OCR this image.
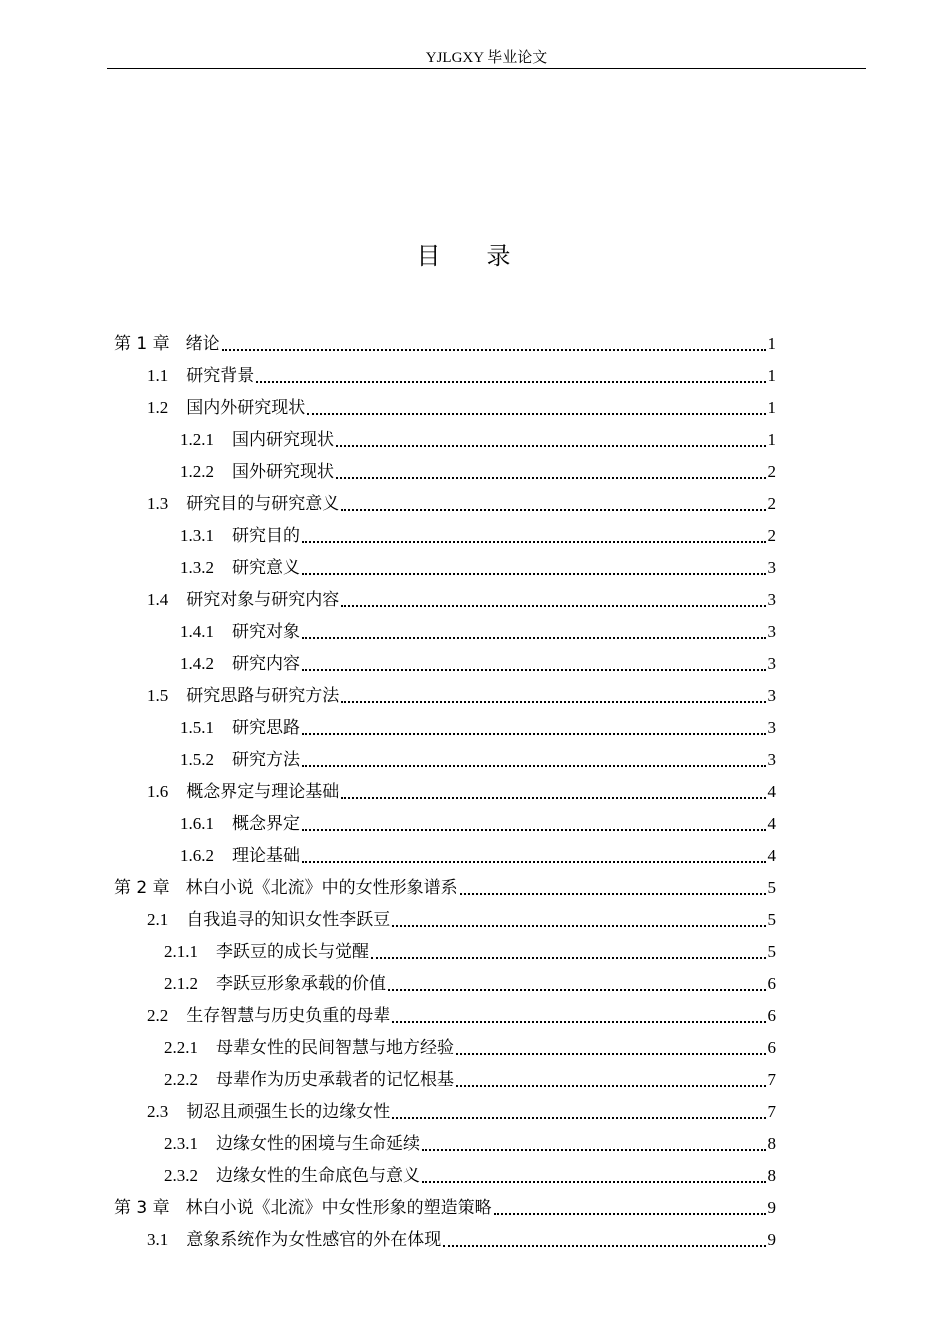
YJLGXY 毕业论文
目录
第 1 章 绪论	1
1.1 研究背景	1
1.2 国内外研究现状	1
1.2.1 国内研究现状	1
1.2.2 国外研究现状	2
1.3 研究目的与研究意义	2
1.3.1 研究目的	2
1.3.2 研究意义	3
1.4 研究对象与研究内容	3
1.4.1 研究对象	3
1.4.2 研究内容	3
1.5 研究思路与研究方法	3
1.5.1 研究思路	3
1.5.2 研究方法	3
1.6 概念界定与理论基础	4
1.6.1 概念界定	4
1.6.2 理论基础	4
第 2 章 林白小说《北流》中的女性形象谱系	5
2.1 自我追寻的知识女性李跃豆	5
2.1.1 李跃豆的成长与觉醒	5
2.1.2 李跃豆形象承载的价值	6
2.2 生存智慧与历史负重的母辈	6
2.2.1 母辈女性的民间智慧与地方经验	6
2.2.2 母辈作为历史承载者的记忆根基	7
2.3 韧忍且顽强生长的边缘女性	7
2.3.1 边缘女性的困境与生命延续	8
2.3.2 边缘女性的生命底色与意义	8
第 3 章 林白小说《北流》中女性形象的塑造策略	9
3.1 意象系统作为女性感官的外在体现	9
